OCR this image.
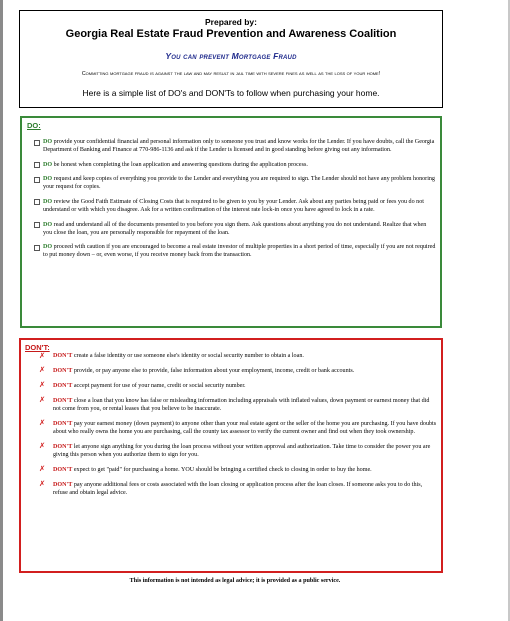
Prepared by:
Georgia Real Estate Fraud Prevention and Awareness Coalition
You can prevent Mortgage Fraud
Committing mortgage fraud is against the law and may result in jail time with severe fines as well as the loss of your home!
Here is a simple list of DO's and DON'Ts to follow when purchasing your home.
DO:
DO provide your confidential financial and personal information only to someone you trust and know works for the Lender. If you have doubts, call the Georgia Department of Banking and Finance at 770-986-1136 and ask if the Lender is licensed and in good standing before giving out any information.
DO be honest when completing the loan application and answering questions during the application process.
DO request and keep copies of everything you provide to the Lender and everything you are required to sign. The Lender should not have any problem honoring your request for copies.
DO review the Good Faith Estimate of Closing Costs that is required to be given to you by your Lender. Ask about any parties being paid or fees you do not understand or with which you disagree. Ask for a written confirmation of the interest rate lock-in once you have agreed to lock in a rate.
DO read and understand all of the documents presented to you before you sign them. Ask questions about anything you do not understand. Realize that when you close the loan, you are personally responsible for repayment of the loan.
DO proceed with caution if you are encouraged to become a real estate investor of multiple properties in a short period of time, especially if you are not required to put money down – or, even worse, if you receive money back from the transaction.
DON'T:
✗ DON'T create a false identity or use someone else's identity or social security number to obtain a loan.
✗ DON'T provide, or pay anyone else to provide, false information about your employment, income, credit or bank accounts.
✗ DON'T accept payment for use of your name, credit or social security number.
✗ DON'T close a loan that you know has false or misleading information including appraisals with inflated values, down payment or earnest money that did not come from you, or rental leases that you believe to be inaccurate.
✗ DON'T pay your earnest money (down payment) to anyone other than your real estate agent or the seller of the home you are purchasing. If you have doubts about who really owns the home you are purchasing, call the county tax assessor to verify the current owner and find out when they took ownership.
✗ DON'T let anyone sign anything for you during the loan process without your written approval and authorization. Take time to consider the power you are giving this person when you authorize them to sign for you.
✗ DON'T expect to get "paid" for purchasing a home. YOU should be bringing a certified check to closing in order to buy the home.
✗ DON'T pay anyone additional fees or costs associated with the loan closing or application process after the loan closes. If someone asks you to do this, refuse and obtain legal advice.
This information is not intended as legal advice; it is provided as a public service.
